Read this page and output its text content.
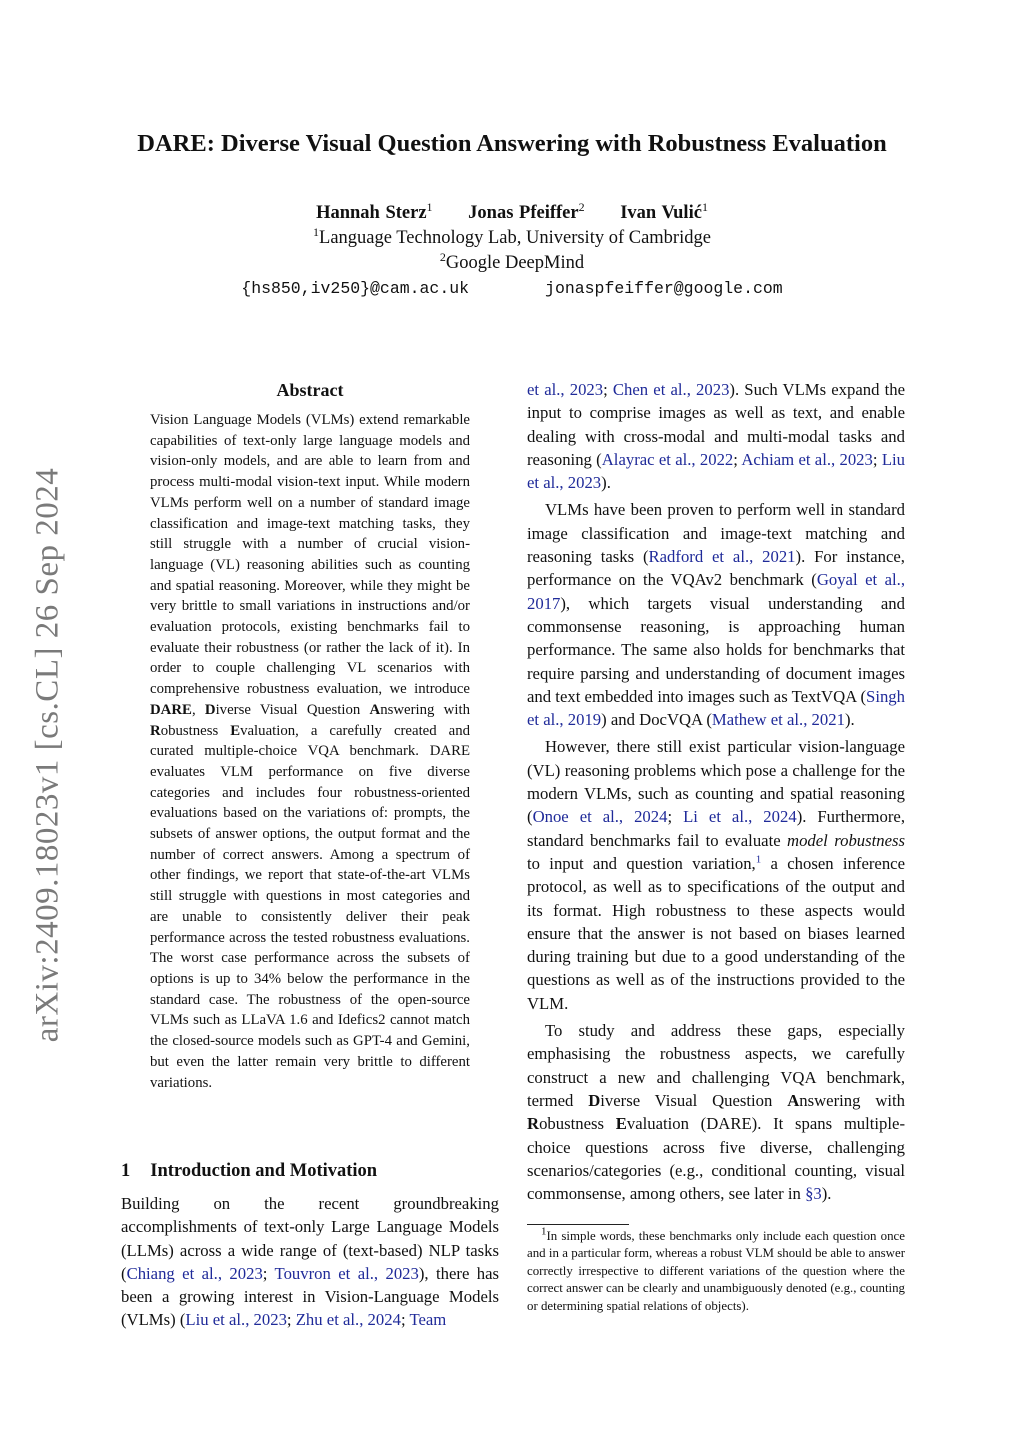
arXiv:2409.18023v1 [cs.CL] 26 Sep 2024
DARE: Diverse Visual Question Answering with Robustness Evaluation
Hannah Sterz$^1$ Jonas Pfeiffer$^2$ Ivan Vulić$^1$
$^1$Language Technology Lab, University of Cambridge
$^2$Google DeepMind
{hs850,iv250}@cam.ac.uk	jonaspfeiffer@google.com
Abstract

Vision Language Models (VLMs) extend remarkable capabilities of text-only large language models and vision-only models, and are able to learn from and process multi-modal vision-text input. While modern VLMs perform well on a number of standard image classification and image-text matching tasks, they still struggle with a number of crucial vision-language (VL) reasoning abilities such as counting and spatial reasoning. Moreover, while they might be very brittle to small variations in instructions and/or evaluation protocols, existing benchmarks fail to evaluate their robustness (or rather the lack of it). In order to couple challenging VL scenarios with comprehensive robustness evaluation, we introduce DARE, Diverse Visual Question Answering with Robustness Evaluation, a carefully created and curated multiple-choice VQA benchmark. DARE evaluates VLM performance on five diverse categories and includes four robustness-oriented evaluations based on the variations of: prompts, the subsets of answer options, the output format and the number of correct answers. Among a spectrum of other findings, we report that state-of-the-art VLMs still struggle with questions in most categories and are unable to consistently deliver their peak performance across the tested robustness evaluations. The worst case performance across the subsets of options is up to 34% below the performance in the standard case. The robustness of the open-source VLMs such as LLaVA 1.6 and Idefics2 cannot match the closed-source models such as GPT-4 and Gemini, but even the latter remain very brittle to different variations.

1 Introduction and Motivation

Building on the recent groundbreaking accomplishments of text-only Large Language Models (LLMs) across a wide range of (text-based) NLP tasks (Chiang et al., 2023; Touvron et al., 2023), there has been a growing interest in Vision-Language Models (VLMs) (Liu et al., 2023; Zhu et al., 2024; Team

et al., 2023; Chen et al., 2023). Such VLMs expand the input to comprise images as well as text, and enable dealing with cross-modal and multi-modal tasks and reasoning (Alayrac et al., 2022; Achiam et al., 2023; Liu et al., 2023).

VLMs have been proven to perform well in standard image classification and image-text matching and reasoning tasks (Radford et al., 2021). For instance, performance on the VQAv2 benchmark (Goyal et al., 2017), which targets visual understanding and commonsense reasoning, is approaching human performance. The same also holds for benchmarks that require parsing and understanding of document images and text embedded into images such as TextVQA (Singh et al., 2019) and DocVQA (Mathew et al., 2021).

However, there still exist particular vision-language (VL) reasoning problems which pose a challenge for the modern VLMs, such as counting and spatial reasoning (Onoe et al., 2024; Li et al., 2024). Furthermore, standard benchmarks fail to evaluate model robustness to input and question variation,$^1$ a chosen inference protocol, as well as to specifications of the output and its format. High robustness to these aspects would ensure that the answer is not based on biases learned during training but due to a good understanding of the questions as well as of the instructions provided to the VLM.

To study and address these gaps, especially emphasising the robustness aspects, we carefully construct a new and challenging VQA benchmark, termed Diverse Visual Question Answering with Robustness Evaluation (DARE). It spans multiple-choice questions across five diverse, challenging scenarios/categories (e.g., conditional counting, visual commonsense, among others, see later in §3).

$^1$In simple words, these benchmarks only include each question once and in a particular form, whereas a robust VLM should be able to answer correctly irrespective to different variations of the question where the correct answer can be clearly and unambiguously denoted (e.g., counting or determining spatial relations of objects).
